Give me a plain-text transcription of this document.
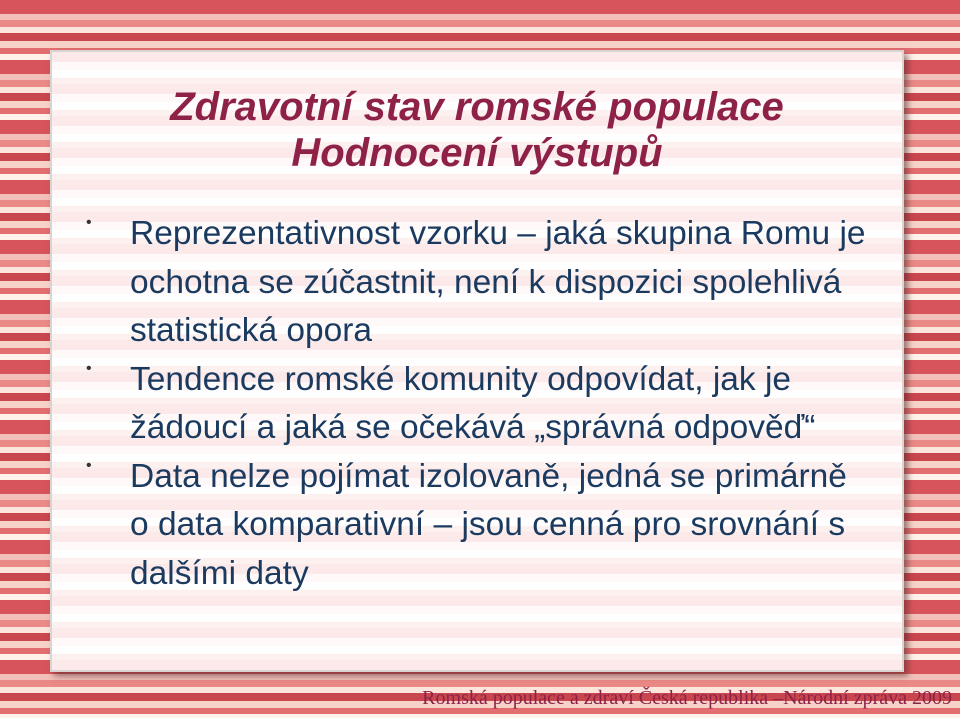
Zdravotní stav romské populace
Hodnocení výstupů
• Reprezentativnost vzorku – jaká skupina Romu je ochotna se zúčastnit, není k dispozici spolehlivá statistická opora
• Tendence romské komunity odpovídat, jak je žádoucí a jaká se očekává „správná odpověď“
• Data nelze pojímat izolovaně, jedná se primárně o data komparativní – jsou cenná pro srovnání s dalšími daty
Romská populace a zdraví Česká republika –Národní zpráva 2009
